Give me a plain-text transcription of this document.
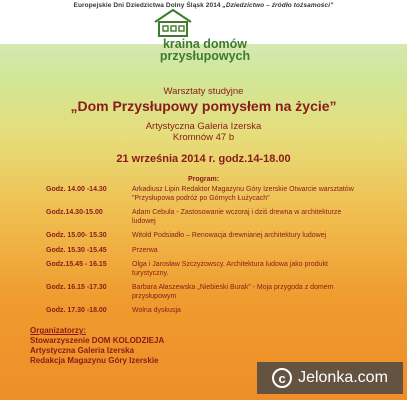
Europejskie Dni Dziedzictwa Dolny Śląsk 2014 „Dziedzictwo – źródło tożsamości”
kraina domów
przysłupowych
Warsztaty studyjne
„Dom Przysłupowy pomysłem na życie”
Artystyczna Galeria Izerska
Kromnów 47 b
21 września 2014 r. godz.14-18.00
Program:
Godz. 14.00 -14.30	Arkadiusz Lipin Redaktor Magazynu Góry Izerskie Otwarcie warsztatów "Przysłupowa podróż po Górnych Łużycach"
Godz.14.30-15.00	Adam Cebula - Zastosowanie wczoraj i dziś drewna w architekturze ludowej
Godz. 15.00- 15.30	Witold Podsiadło – Renowacja drewnianej architektury ludowej
Godz. 15.30 -15.45	Przerwa
Godz.15.45 - 16.15	Olga i Jarosław Szczyżowscy. Architektura ludowa jako produkt turystyczny.
Godz. 16.15 -17.30	Barbara Ałaszewska „Niebieski Burak” - Moja przygoda z domem przysłupowym
Godz. 17.30 -18.00	Wolna dyskusja
Organizatorzy:
Stowarzyszenie DOM KOLODZIEJA
Artystyczna Galeria Izerska
Redakcja Magazynu Góry Izerskie
c Jelonka.com
